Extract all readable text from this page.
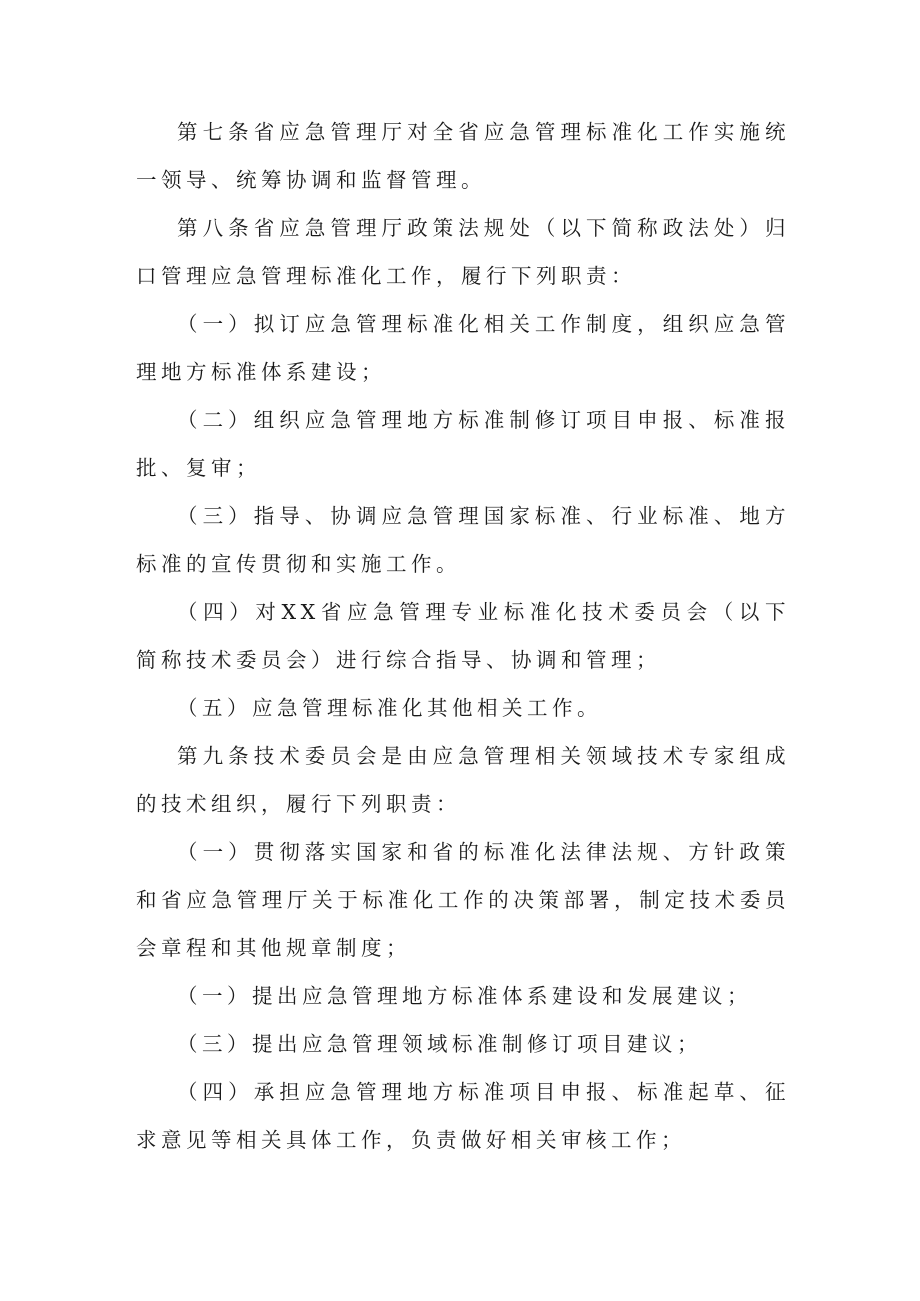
第七条省应急管理厅对全省应急管理标准化工作实施统一领导、统筹协调和监督管理。

第八条省应急管理厅政策法规处（以下简称政法处）归口管理应急管理标准化工作，履行下列职责：

（一）拟订应急管理标准化相关工作制度，组织应急管理地方标准体系建设；

（二）组织应急管理地方标准制修订项目申报、标准报批、复审；

（三）指导、协调应急管理国家标准、行业标准、地方标准的宣传贯彻和实施工作。

（四）对XX省应急管理专业标准化技术委员会（以下简称技术委员会）进行综合指导、协调和管理；

（五）应急管理标准化其他相关工作。

第九条技术委员会是由应急管理相关领域技术专家组成的技术组织，履行下列职责：

（一）贯彻落实国家和省的标准化法律法规、方针政策和省应急管理厅关于标准化工作的决策部署，制定技术委员会章程和其他规章制度；

（一）提出应急管理地方标准体系建设和发展建议；

（三）提出应急管理领域标准制修订项目建议；

（四）承担应急管理地方标准项目申报、标准起草、征求意见等相关具体工作，负责做好相关审核工作；
